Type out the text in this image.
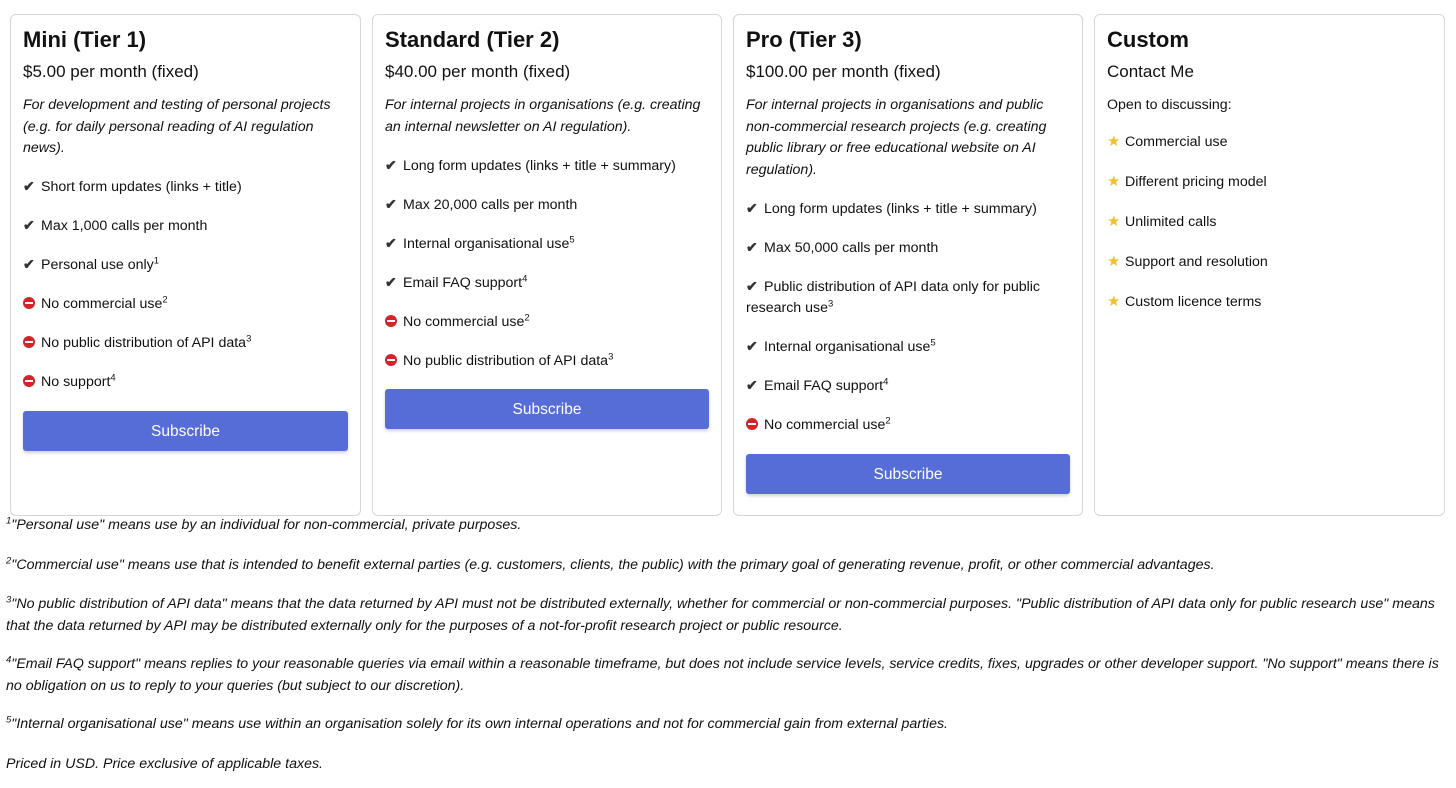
Mini (Tier 1)
$5.00 per month (fixed)
For development and testing of personal projects (e.g. for daily personal reading of AI regulation news).
✔ Short form updates (links + title)
✔ Max 1,000 calls per month
✔ Personal use only$^1$
No commercial use$^2$
No public distribution of API data$^3$
No support$^4$
Subscribe
Standard (Tier 2)
$40.00 per month (fixed)
For internal projects in organisations (e.g. creating an internal newsletter on AI regulation).
✔ Long form updates (links + title + summary)
✔ Max 20,000 calls per month
✔ Internal organisational use$^5$
✔ Email FAQ support$^4$
No commercial use$^2$
No public distribution of API data$^3$
Subscribe
Pro (Tier 3)
$100.00 per month (fixed)
For internal projects in organisations and public non-commercial research projects (e.g. creating public library or free educational website on AI regulation).
✔ Long form updates (links + title + summary)
✔ Max 50,000 calls per month
✔ Public distribution of API data only for public research use$^3$
✔ Internal organisational use$^5$
✔ Email FAQ support$^4$
No commercial use$^2$
Subscribe
Custom
Contact Me
Open to discussing:
★ Commercial use
★ Different pricing model
★ Unlimited calls
★ Support and resolution
★ Custom licence terms

$^1$"Personal use" means use by an individual for non-commercial, private purposes.

$^2$"Commercial use" means use that is intended to benefit external parties (e.g. customers, clients, the public) with the primary goal of generating revenue, profit, or other commercial advantages.

$^3$"No public distribution of API data" means that the data returned by API must not be distributed externally, whether for commercial or non-commercial purposes. "Public distribution of API data only for public research use" means that the data returned by API may be distributed externally only for the purposes of a not-for-profit research project or public resource.

$^4$"Email FAQ support" means replies to your reasonable queries via email within a reasonable timeframe, but does not include service levels, service credits, fixes, upgrades or other developer support. "No support" means there is no obligation on us to reply to your queries (but subject to our discretion).

$^5$"Internal organisational use" means use within an organisation solely for its own internal operations and not for commercial gain from external parties.

Priced in USD. Price exclusive of applicable taxes.
